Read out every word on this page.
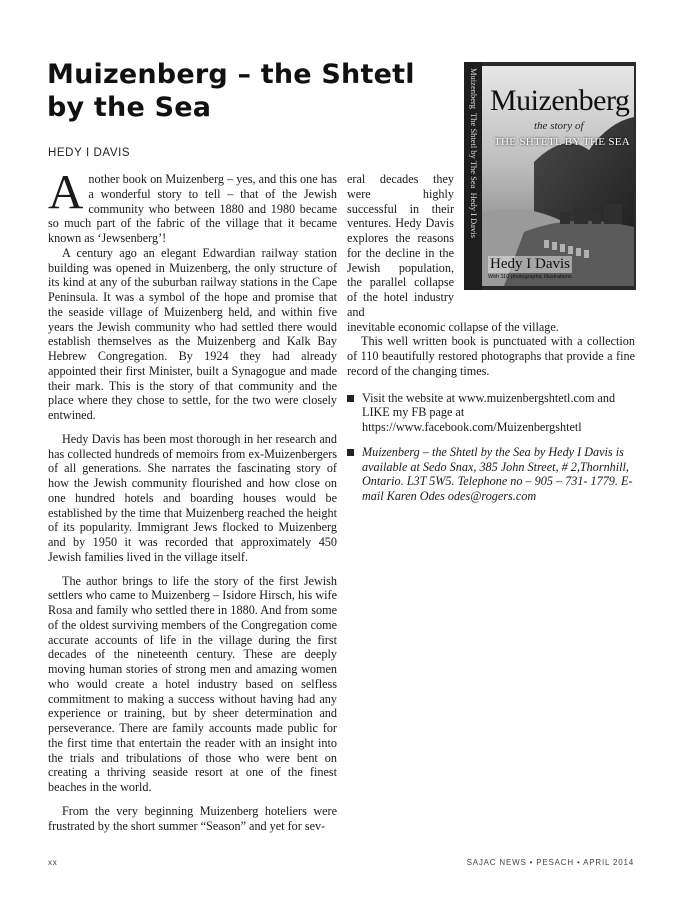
Muizenberg – the Shtetl by the Sea
HEDY I DAVIS

Another book on Muizenberg – yes, and this one has a wonderful story to tell – that of the Jewish community who between 1880 and 1980 became so much part of the fabric of the village that it became known as ‘Jewsenberg’!

A century ago an elegant Edwardian railway station building was opened in Muizenberg, the only structure of its kind at any of the suburban railway stations in the Cape Peninsula. It was a symbol of the hope and promise that the seaside village of Muizenberg held, and within five years the Jewish community who had settled there would establish themselves as the Muizenberg and Kalk Bay Hebrew Congregation. By 1924 they had already appointed their first Minister, built a Synagogue and made their mark. This is the story of that community and the place where they chose to settle, for the two were closely entwined.

Hedy Davis has been most thorough in her research and has collected hundreds of memoirs from ex-Muizenbergers of all generations. She narrates the fascinating story of how the Jewish community flourished and how close on one hundred hotels and boarding houses would be established by the time that Muizenberg reached the height of its popularity. Immigrant Jews flocked to Muizenberg and by 1950 it was recorded that approximately 450 Jewish families lived in the village itself.

The author brings to life the story of the first Jewish settlers who came to Muizenberg – Isidore Hirsch, his wife Rosa and family who settled there in 1880. And from some of the oldest surviving members of the Congregation come accurate accounts of life in the village during the first decades of the nineteenth century. These are deeply moving human stories of strong men and amazing women who would create a hotel industry based on selfless commitment to making a success without having had any experience or training, but by sheer determination and perseverance. There are family accounts made public for the first time that entertain the reader with an insight into the trials and tribulations of those who were bent on creating a thriving seaside resort at one of the finest beaches in the world.

From the very beginning Muizenberg hoteliers were frustrated by the short summer “Season” and yet for sev-

eral decades they were highly successful in their ventures. Hedy Davis explores the reasons for the decline in the Jewish population, the parallel collapse of the hotel industry and
inevitable economic collapse of the village.

This well written book is punctuated with a collection of 110 beautifully restored photographs that provide a fine record of the changing times.

Visit the website at www.muizenbergshtetl.com and LIKE my FB page at https://www.facebook.com/Muizenbergshtetl
Muizenberg – the Shtetl by the Sea by Hedy I Davis is available at Sedo Snax, 385 John Street, # 2,Thornhill, Ontario. L3T 5W5. Telephone no – 905 – 731- 1779. E-mail Karen Odes odes@rogers.com
Muizenberg
the story of
THE SHTETL BY THE SEA
Hedy I Davis
With 110 photographic illustrations
Muizenberg  The Shtetl by The Sea  Hedy I Davis
xx	SAJAC NEWS • PESACH • APRIL 2014
